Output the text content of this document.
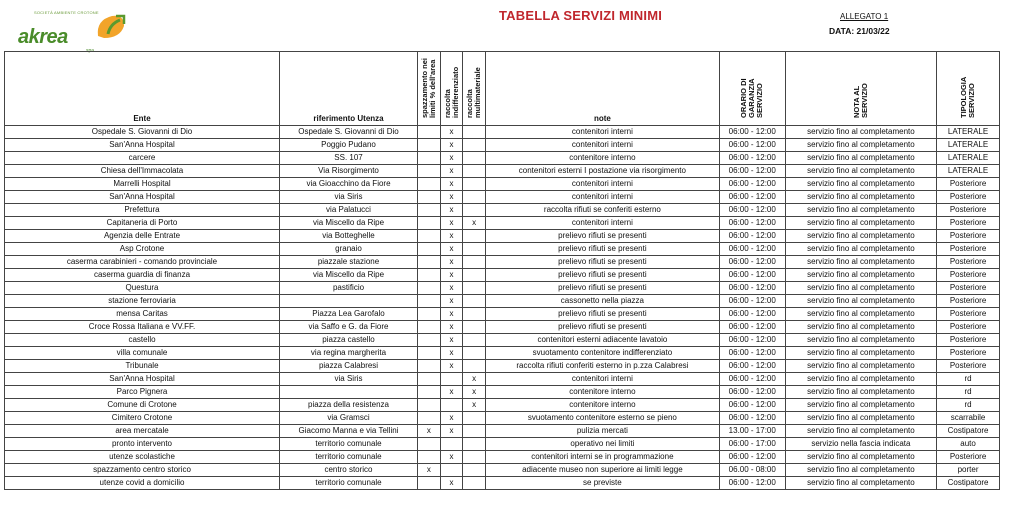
SOCIETÀ AMBIENTE CROTONE
akrea
spa
TABELLA SERVIZI MINIMI	ALLEGATO 1
DATA: 21/03/22
Ente	riferimento Utenza	spazzamento nei limiti % dell'area	raccolta indifferenziato	raccolta multimateriale	note	ORARIO DI GARANZIA SERVIZIO	NOTA AL SERVIZIO	TIPOLOGIA SERVIZIO

Ospedale S. Giovanni di Dio	Ospedale S. Giovanni di Dio		x		contenitori interni	06:00 - 12:00	servizio fino al completamento	LATERALE
San'Anna Hospital	Poggio Pudano		x		contenitori interni	06:00 - 12:00	servizio fino al completamento	LATERALE
carcere	SS. 107		x		contenitore interno	06:00 - 12:00	servizio fino al completamento	LATERALE
Chiesa dell'Immacolata	Via Risorgimento		x		contenitori esterni I postazione via risorgimento	06:00 - 12:00	servizio fino al completamento	LATERALE
Marrelli Hospital	via Gioacchino da Fiore		x		contenitori interni	06:00 - 12:00	servizio fino al completamento	Posteriore
San'Anna Hospital	via Siris		x		contenitori interni	06:00 - 12:00	servizio fino al completamento	Posteriore
Prefettura	via Palatucci		x		raccolta rifiuti se conferiti esterno	06:00 - 12:00	servizio fino al completamento	Posteriore
Capitaneria di Porto	via Miscello da Ripe		x	x	contenitori interni	06:00 - 12:00	servizio fino al completamento	Posteriore
Agenzia delle Entrate	via Botteghelle		x		prelievo rifiuti se presenti	06:00 - 12:00	servizio fino al completamento	Posteriore
Asp Crotone	granaio		x		prelievo rifiuti se presenti	06:00 - 12:00	servizio fino al completamento	Posteriore
caserma carabinieri - comando provinciale	piazzale stazione		x		prelievo rifiuti se presenti	06:00 - 12:00	servizio fino al completamento	Posteriore
caserma guardia di finanza	via Miscello da Ripe		x		prelievo rifiuti se presenti	06:00 - 12:00	servizio fino al completamento	Posteriore
Questura	pastificio		x		prelievo rifiuti se presenti	06:00 - 12:00	servizio fino al completamento	Posteriore
stazione ferroviaria			x		cassonetto nella piazza	06:00 - 12:00	servizio fino al completamento	Posteriore
mensa Caritas	Piazza Lea Garofalo		x		prelievo rifiuti se presenti	06:00 - 12:00	servizio fino al completamento	Posteriore
Croce Rossa Italiana e VV.FF.	via Saffo e G. da Fiore		x		prelievo rifiuti se presenti	06:00 - 12:00	servizio fino al completamento	Posteriore
castello	piazza castello		x		contenitori esterni adiacente lavatoio	06:00 - 12:00	servizio fino al completamento	Posteriore
villa comunale	via regina margherita		x		svuotamento contenitore indifferenziato	06:00 - 12:00	servizio fino al completamento	Posteriore
Tribunale	piazza Calabresi		x		raccolta rifiuti conferiti esterno in p.zza Calabresi	06:00 - 12:00	servizio fino al completamento	Posteriore
San'Anna Hospital	via Siris			x	contenitori interni	06:00 - 12:00	servizio fino al completamento	rd
Parco Pignera			x	x	contenitore interno	06:00 - 12:00	servizio fino al completamento	rd
Comune di Crotone	piazza della resistenza			x	contenitore interno	06:00 - 12:00	servizio fino al completamento	rd
Cimitero Crotone	via Gramsci		x		svuotamento contenitore esterno se pieno	06:00 - 12:00	servizio fino al completamento	scarrabile
area mercatale	Giacomo Manna e via Tellini	x	x		pulizia mercati	13.00 - 17:00	servizio fino al completamento	Costipatore
pronto intervento	territorio comunale				operativo nei limiti	06:00 - 17:00	servizio nella fascia indicata	auto
utenze scolastiche	territorio comunale		x		contenitori interni se in programmazione	06:00 - 12:00	servizio fino al completamento	Posteriore
spazzamento centro storico	centro storico	x			adiacente museo non superiore ai limiti legge	06.00 - 08:00	servizio fino al completamento	porter
utenze covid a domicilio	territorio comunale		x		se previste	06:00 - 12:00	servizio fino al completamento	Costipatore
